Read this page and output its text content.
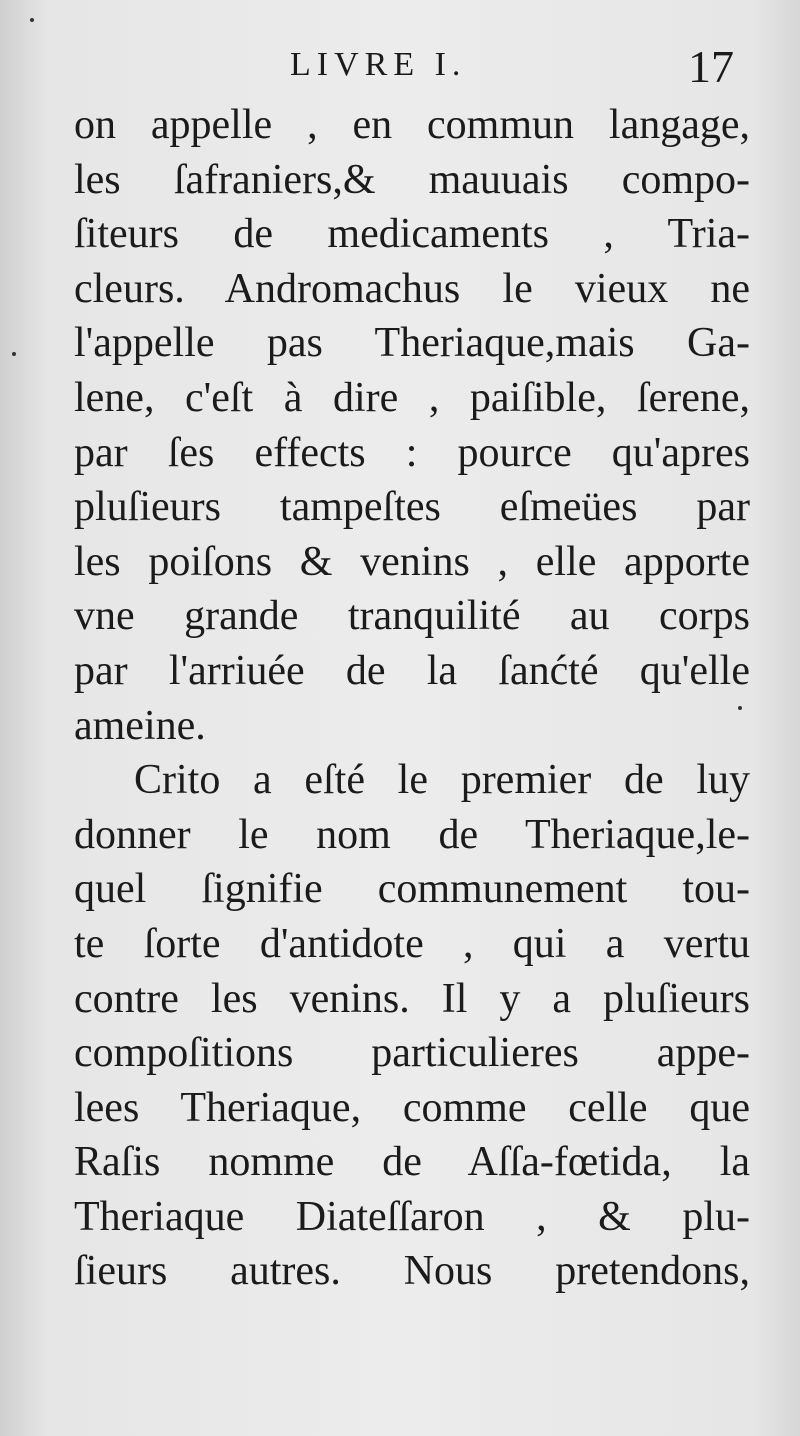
LIVRE I.	17
on appelle , en commun langage,
les ſafraniers,& mauuais compo-
ſiteurs de medicaments , Tria-
cleurs. Andromachus le vieux ne
l'appelle pas Theriaque,mais Ga-
lene, c'eſt à dire , paiſible, ſerene,
par ſes effects : pource qu'apres
pluſieurs tampeſtes eſmeües par
les poiſons & venins , elle apporte
vne grande tranquilité au corps
par l'arriuée de la ſanćté qu'elle
ameine.
Crito a eſté le premier de luy
donner le nom de Theriaque,le-
quel ſignifie communement tou-
te ſorte d'antidote , qui a vertu
contre les venins. Il y a pluſieurs
compoſitions particulieres appe-
lees Theriaque, comme celle que
Raſis nomme de Aſſa-fœtida, la
Theriaque Diateſſaron , & plu-
ſieurs autres. Nous pretendons,
